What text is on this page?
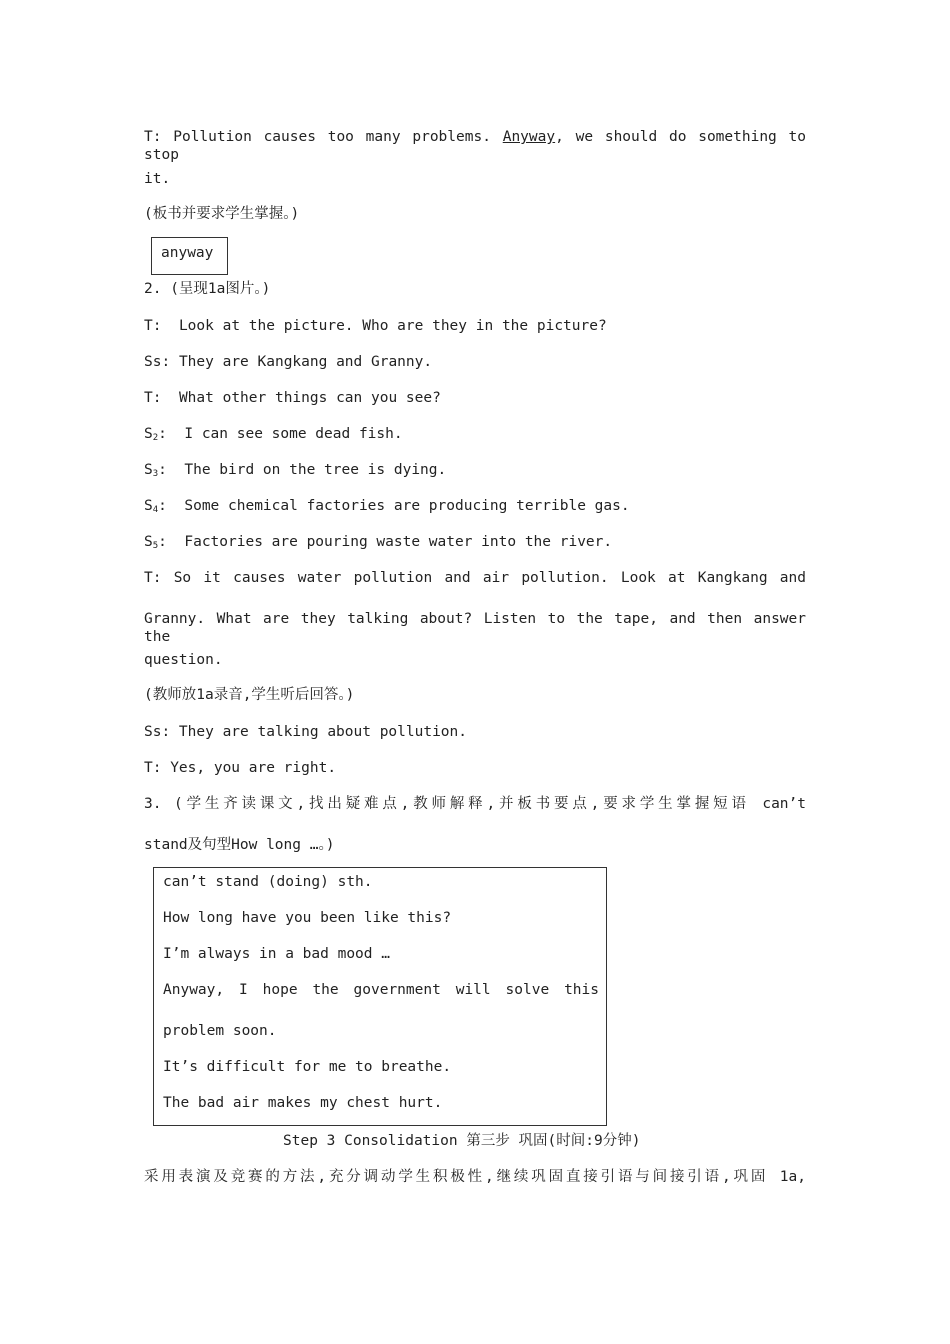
T: Pollution causes too many problems. Anyway, we should do something to stop
it.
(板书并要求学生掌握。)
anyway
2. (呈现1a图片。)
T: Look at the picture. Who are they in the picture?
Ss: They are Kangkang and Granny.
T: What other things can you see?
$S_2$:  I can see some dead fish.
$S_3$:  The bird on the tree is dying.
$S_4$:  Some chemical factories are producing terrible gas.
$S_5$:  Factories are pouring waste water into the river.
T: So it causes water pollution and air pollution. Look at Kangkang and
Granny. What are they talking about? Listen to the tape, and then answer the
question.
(教师放1a录音,学生听后回答。)
Ss: They are talking about pollution.
T: Yes, you are right.
3. (学生齐读课文,找出疑难点,教师解释,并板书要点,要求学生掌握短语 can’t
stand及句型How long …。)
can’t stand (doing) sth.
How long have you been like this?
I’m always in a bad mood …
Anyway, I hope the government will solve this
problem soon.
It’s difficult for me to breathe.
The bad air makes my chest hurt.
Step 3 Consolidation 第三步 巩固(时间:9分钟)
采用表演及竞赛的方法,充分调动学生积极性,继续巩固直接引语与间接引语,巩固 1a,
